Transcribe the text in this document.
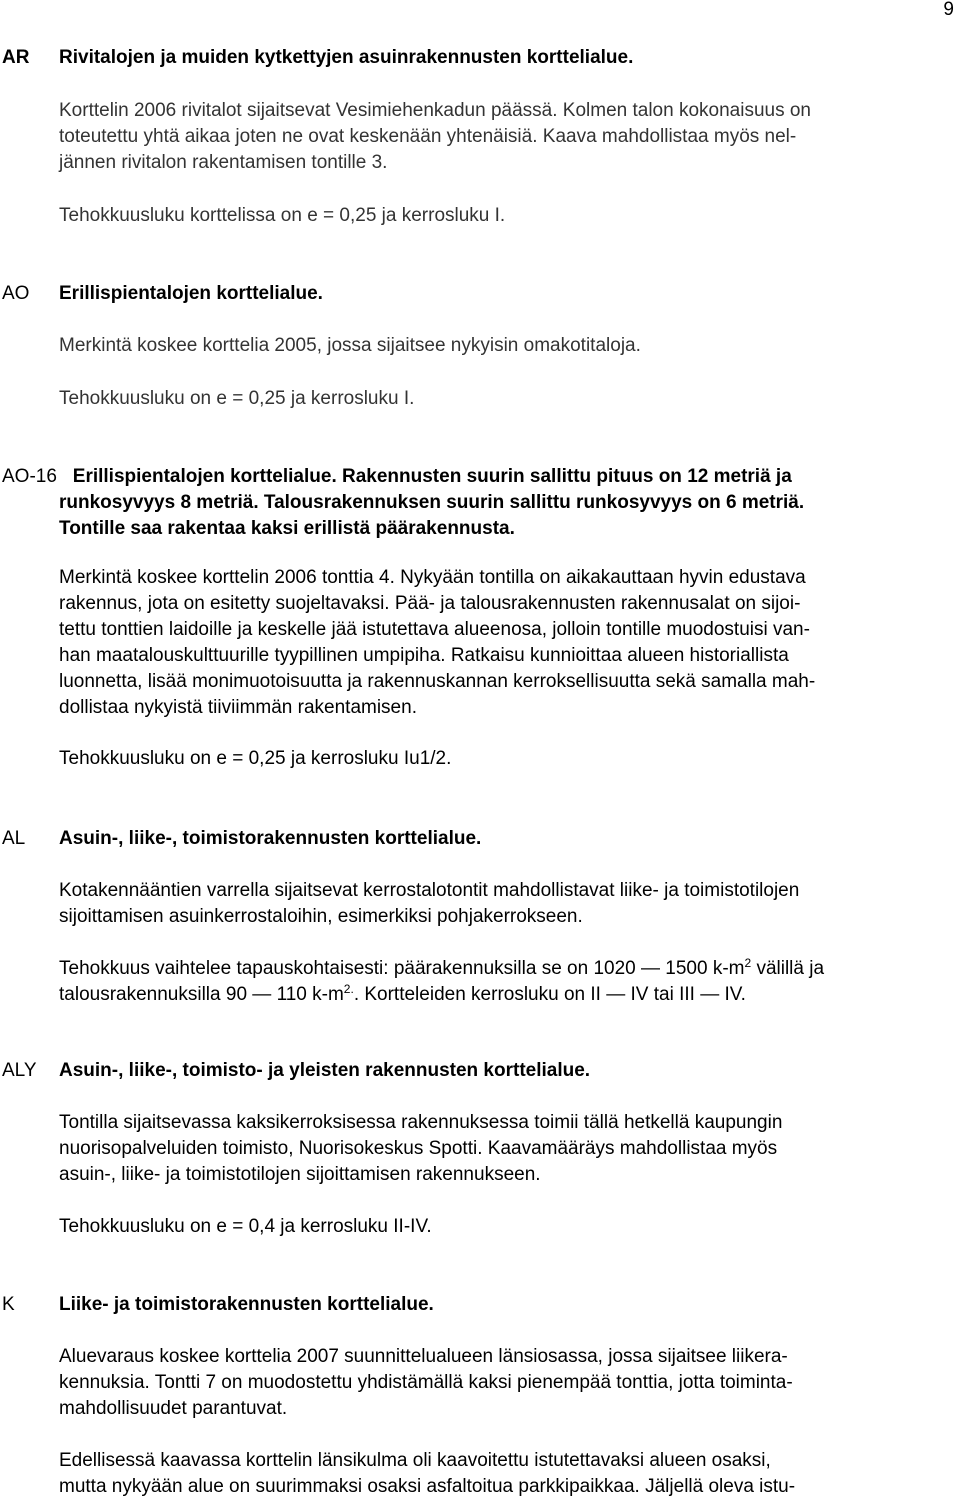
9
AR Rivitalojen ja muiden kytkettyjen asuinrakennusten korttelialue.
Korttelin 2006 rivitalot sijaitsevat Vesimiehenkadun päässä. Kolmen talon kokonaisuus on
toteutettu yhtä aikaa joten ne ovat keskenään yhtenäisiä. Kaava mahdollistaa myös nel-
jännen rivitalon rakentamisen tontille 3.
Tehokkuusluku korttelissa on e = 0,25 ja kerrosluku I.
AO Erillispientalojen korttelialue.
Merkintä koskee korttelia 2005, jossa sijaitsee nykyisin omakotitaloja.
Tehokkuusluku on e = 0,25 ja kerrosluku I.
AO-16 Erillispientalojen korttelialue. Rakennusten suurin sallittu pituus on 12 metriä ja
runkosyvyys 8 metriä. Talousrakennuksen suurin sallittu runkosyvyys on 6 metriä.
Tontille saa rakentaa kaksi erillistä päärakennusta.
Merkintä koskee korttelin 2006 tonttia 4. Nykyään tontilla on aikakauttaan hyvin edustava
rakennus, jota on esitetty suojeltavaksi. Pää- ja talousrakennusten rakennusalat on sijoi-
tettu tonttien laidoille ja keskelle jää istutettava alueenosa, jolloin tontille muodostuisi van-
han maatalouskulttuurille tyypillinen umpipiha. Ratkaisu kunnioittaa alueen historiallista
luonnetta, lisää monimuotoisuutta ja rakennuskannan kerroksellisuutta sekä samalla mah-
dollistaa nykyistä tiiviimmän rakentamisen.
Tehokkuusluku on e = 0,25 ja kerrosluku Iu1/2.
AL Asuin-, liike-, toimistorakennusten korttelialue.
Kotakennääntien varrella sijaitsevat kerrostalotontit mahdollistavat liike- ja toimistotilojen
sijoittamisen asuinkerrostaloihin, esimerkiksi pohjakerrokseen.
Tehokkuus vaihtelee tapauskohtaisesti: päärakennuksilla se on 1020 — 1500 $k-m^2$ välillä ja
talousrakennuksilla 90 — 110 $k-m^{2.}$. Kortteleiden kerrosluku on II — IV tai III — IV.
ALY Asuin-, liike-, toimisto- ja yleisten rakennusten korttelialue.
Tontilla sijaitsevassa kaksikerroksisessa rakennuksessa toimii tällä hetkellä kaupungin
nuorisopalveluiden toimisto, Nuorisokeskus Spotti. Kaavamääräys mahdollistaa myös
asuin-, liike- ja toimistotilojen sijoittamisen rakennukseen.
Tehokkuusluku on e = 0,4 ja kerrosluku II-IV.
K Liike- ja toimistorakennusten korttelialue.
Aluevaraus koskee korttelia 2007 suunnittelualueen länsiosassa, jossa sijaitsee liikera-
kennuksia. Tontti 7 on muodostettu yhdistämällä kaksi pienempää tonttia, jotta toiminta-
mahdollisuudet parantuvat.
Edellisessä kaavassa korttelin länsikulma oli kaavoitettu istutettavaksi alueen osaksi,
mutta nykyään alue on suurimmaksi osaksi asfaltoitua parkkipaikkaa. Jäljellä oleva istu-
